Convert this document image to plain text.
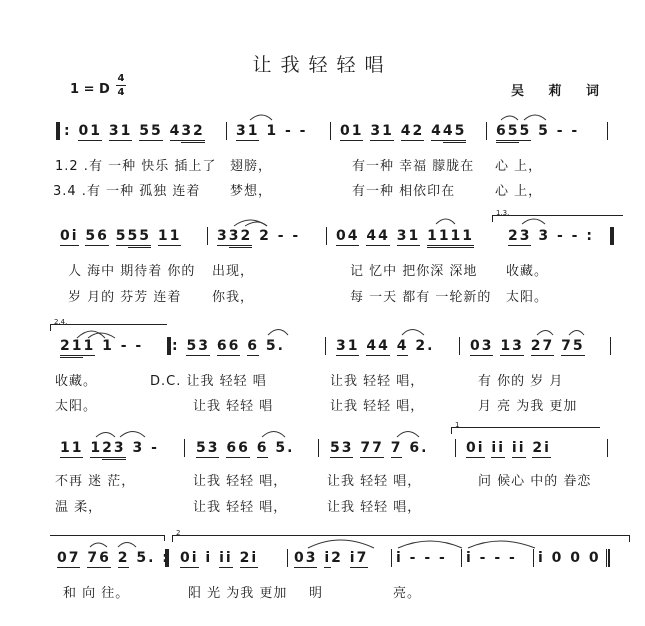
让我轻轻唱
1 = D
4
4	吴 莉 词
: 01 31 55 432 31 1 - - 01 31 42 445 655 5 - -
1.2 .有 一种 快乐 插上了 翅膀，	有一种 幸福 朦胧在 心 上，
3.4 .有 一种 孤独 连着 梦想，	有一种 相依印在	心 上，
0i 56 555 11	332 2 - -	04 44 31 1111
1.3.
23 3 - - :
人 海中 期待着 你的 出现，	记 忆中 把你深 深地 收藏。
岁 月的 芬芳 连着 你我，	每 一天 都有 一轮新的 太阳。
2.4.
211 1 - - : 53 66 6 5.	31 44 4 2.	03 13 27 75
收藏。	D.C. 让我 轻轻 唱	让我 轻轻 唱，	有 你的 岁 月
太阳。	让我 轻轻 唱	让我 轻轻 唱，	月 亮 为我 更加
11 123 3 -	53 66 6 5.	53 77 7 6.
1
0i ii ii 2i
不再 迷 茫，	让我 轻轻 唱，	让我 轻轻 唱，	问 候心 中的 眷恋
温 柔，	让我 轻轻 唱，	让我 轻轻 唱，
07 76 2 5. :
2
0i i ii 2i	03 i2 i7 i - - - i - - - i 0 0 0
和 向 往。	阳 光 为我 更加 明	亮。
